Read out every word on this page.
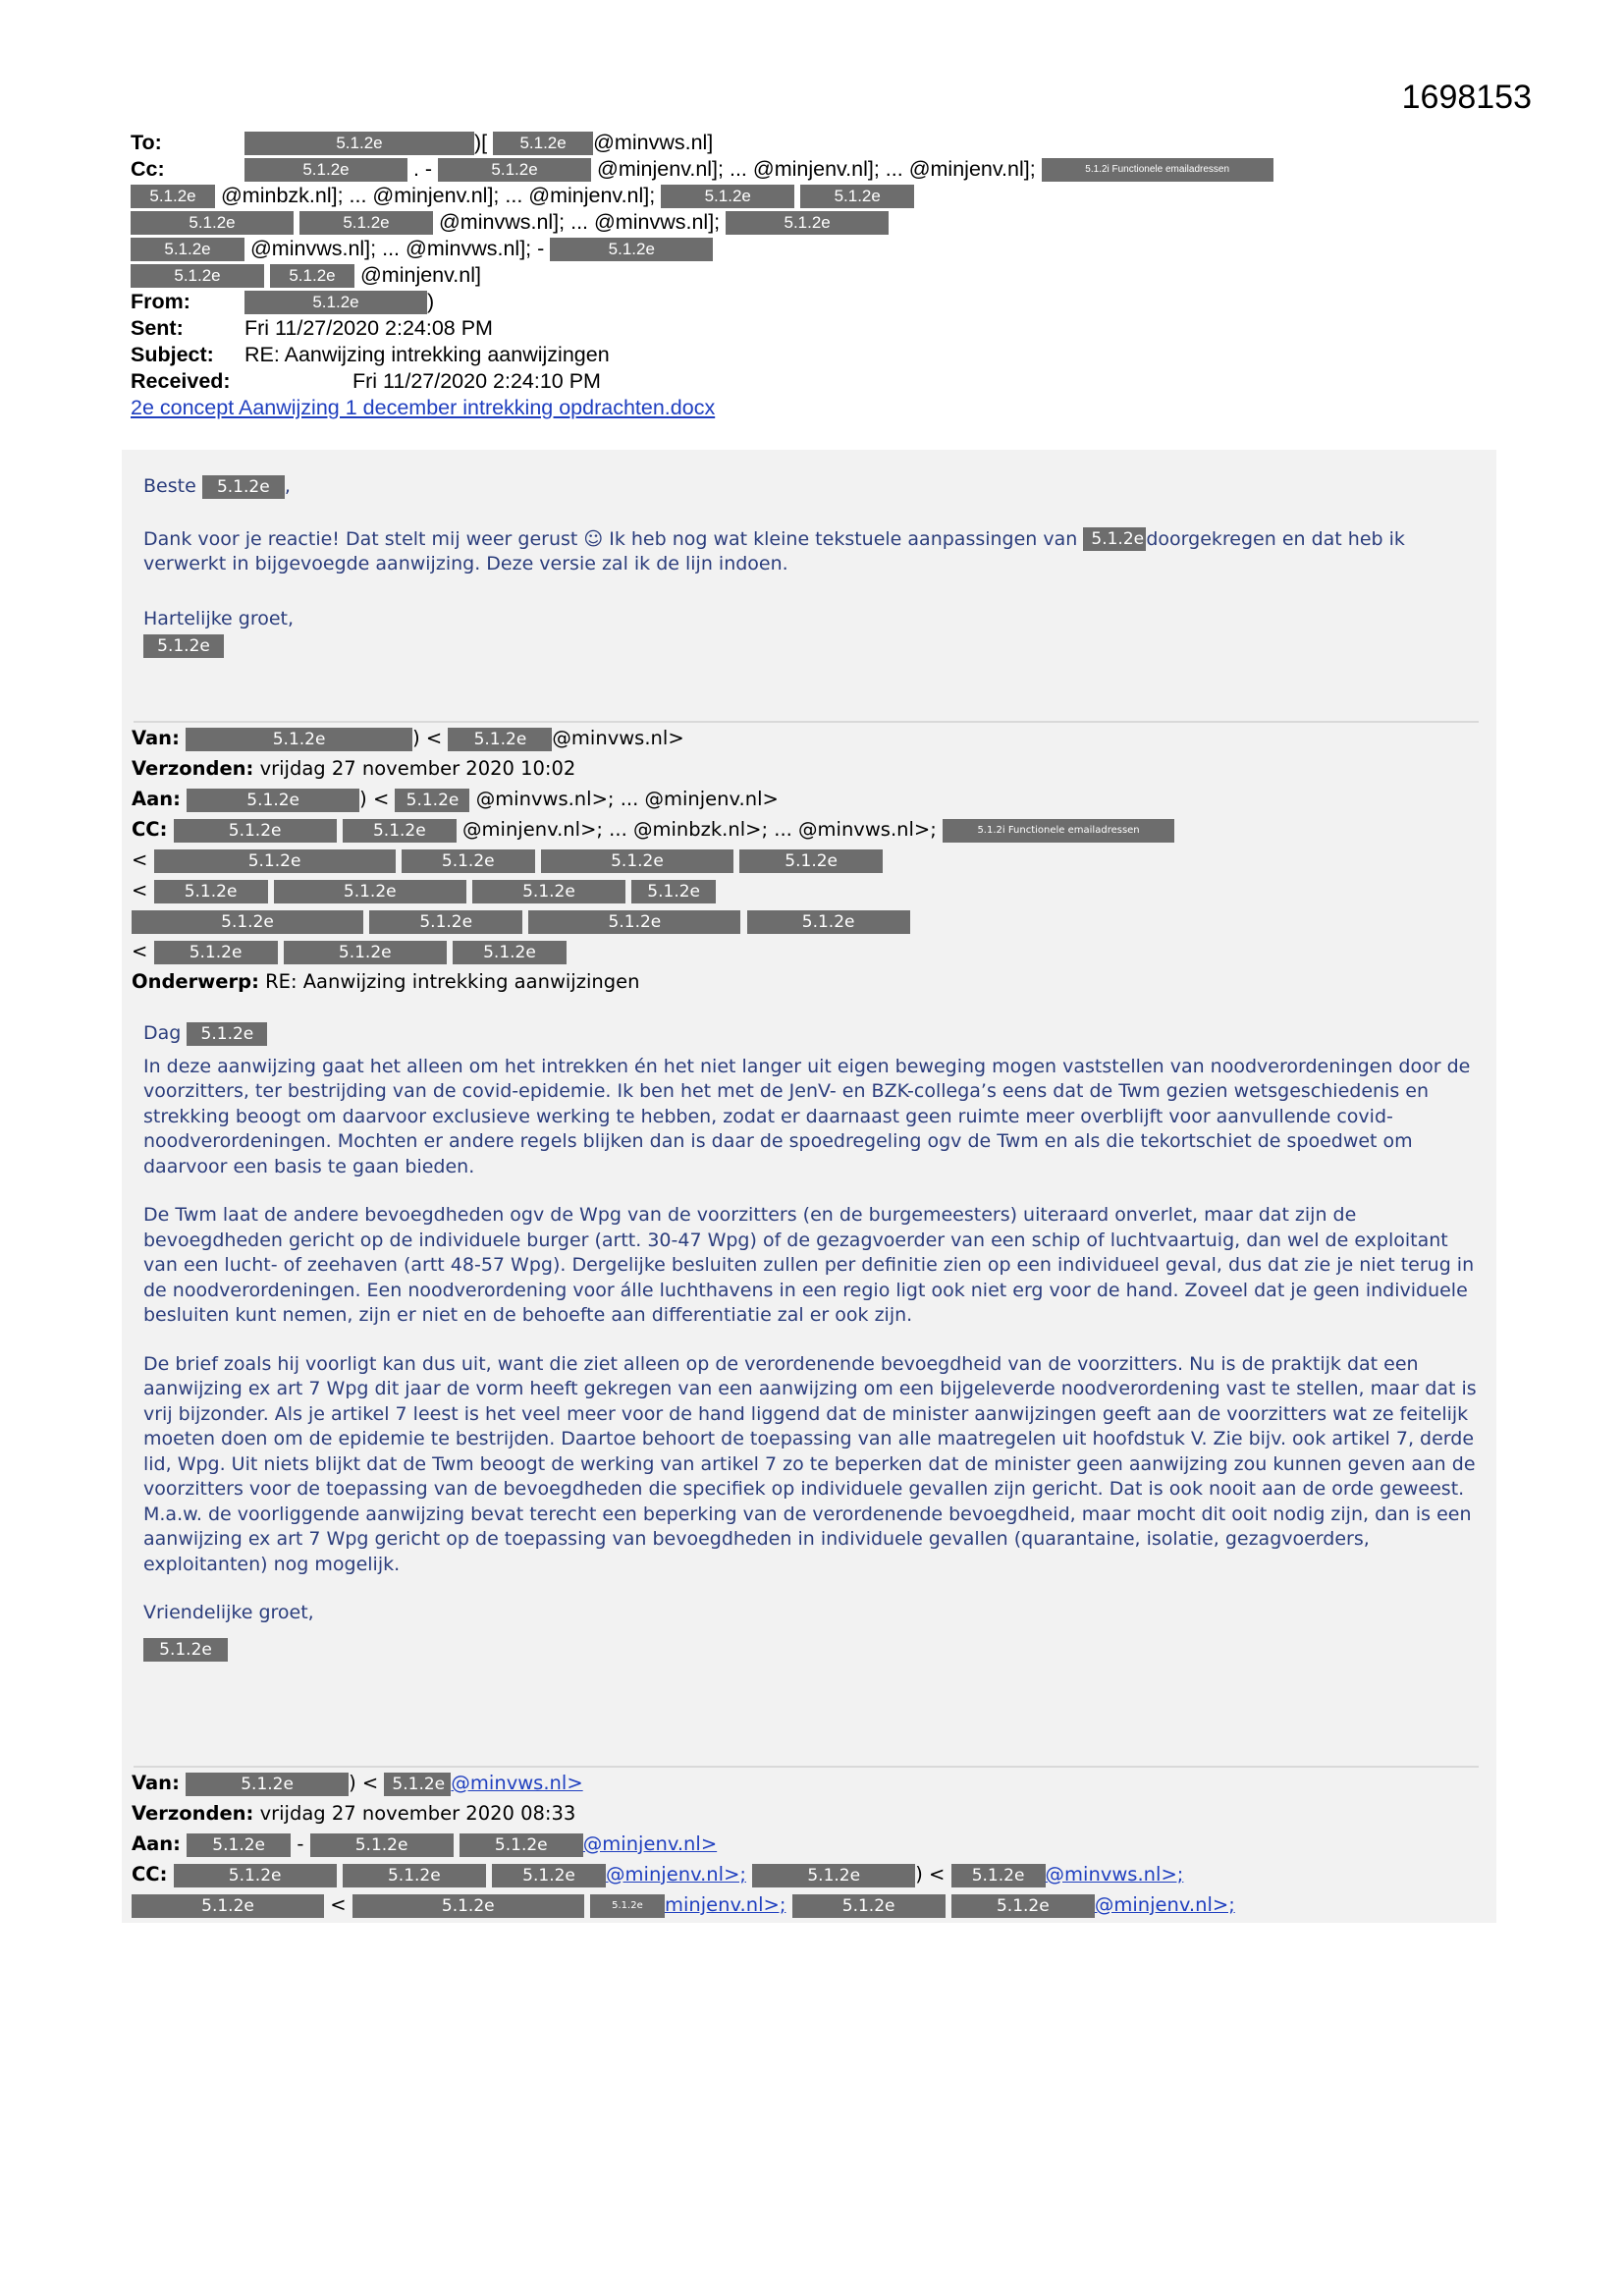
1698153
To:	5.1.2e	)[ 5.1.2e @minvws.nl]
Cc:	5.1.2e	. -	5.1.2e	@minjenv.nl]; ... @minjenv.nl]; ... @minjenv.nl];	5.1.2i Functionele emailadressen
5.1.2e @minbzk.nl]; ... @minjenv.nl]; ... @minjenv.nl];	5.1.2e	5.1.2e
5.1.2e	5.1.2e @minvws.nl]; ... @minvws.nl];	5.1.2e
5.1.2e @minvws.nl]; ... @minvws.nl]; -	5.1.2e
5.1.2e	5.1.2e @minjenv.nl]
From:	5.1.2e	)
Sent:	Fri 11/27/2020 2:24:08 PM
Subject: RE: Aanwijzing intrekking aanwijzingen
Received:	Fri 11/27/2020 2:24:10 PM
2e concept Aanwijzing 1 december intrekking opdrachten.docx

Beste 5.1.2e ,

Dank voor je reactie! Dat stelt mij weer gerust ☺ Ik heb nog wat kleine tekstuele aanpassingen van 5.1.2e doorgekregen en dat heb ik verwerkt in bijgevoegde aanwijzing. Deze versie zal ik de lijn indoen.

Hartelijke groet,

5.1.2e

Van:	5.1.2e	) < 5.1.2e @minvws.nl>
Verzonden: vrijdag 27 november 2020 10:02
Aan:	5.1.2e	) < 5.1.2e @minvws.nl>; ... @minjenv.nl>
CC:	5.1.2e	5.1.2e @minjenv.nl>; ... @minbzk.nl>; ... @minvws.nl>;	5.1.2i Functionele emailadressen
<	5.1.2e	5.1.2e	5.1.2e	5.1.2e
< 5.1.2e	5.1.2e	5.1.2e	5.1.2e
5.1.2e	5.1.2e	5.1.2e	5.1.2e
< 5.1.2e	5.1.2e	5.1.2e
Onderwerp: RE: Aanwijzing intrekking aanwijzingen

Dag 5.1.2e

In deze aanwijzing gaat het alleen om het intrekken én het niet langer uit eigen beweging mogen vaststellen van noodverordeningen door de voorzitters, ter bestrijding van de covid-epidemie. Ik ben het met de JenV- en BZK-collega’s eens dat de Twm gezien wetsgeschiedenis en strekking beoogt om daarvoor exclusieve werking te hebben, zodat er daarnaast geen ruimte meer overblijft voor aanvullende covid-noodverordeningen. Mochten er andere regels blijken dan is daar de spoedregeling ogv de Twm en als die tekortschiet de spoedwet om daarvoor een basis te gaan bieden.

De Twm laat de andere bevoegdheden ogv de Wpg van de voorzitters (en de burgemeesters) uiteraard onverlet, maar dat zijn de bevoegdheden gericht op de individuele burger (artt. 30-47 Wpg) of de gezagvoerder van een schip of luchtvaartuig, dan wel de exploitant van een lucht- of zeehaven (artt 48-57 Wpg). Dergelijke besluiten zullen per definitie zien op een individueel geval, dus dat zie je niet terug in de noodverordeningen. Een noodverordening voor álle luchthavens in een regio ligt ook niet erg voor de hand. Zoveel dat je geen individuele besluiten kunt nemen, zijn er niet en de behoefte aan differentiatie zal er ook zijn.

De brief zoals hij voorligt kan dus uit, want die ziet alleen op de verordenende bevoegdheid van de voorzitters. Nu is de praktijk dat een aanwijzing ex art 7 Wpg dit jaar de vorm heeft gekregen van een aanwijzing om een bijgeleverde noodverordening vast te stellen, maar dat is vrij bijzonder. Als je artikel 7 leest is het veel meer voor de hand liggend dat de minister aanwijzingen geeft aan de voorzitters wat ze feitelijk moeten doen om de epidemie te bestrijden. Daartoe behoort de toepassing van alle maatregelen uit hoofdstuk V. Zie bijv. ook artikel 7, derde lid, Wpg. Uit niets blijkt dat de Twm beoogt de werking van artikel 7 zo te beperken dat de minister geen aanwijzing zou kunnen geven aan de voorzitters voor de toepassing van de bevoegdheden die specifiek op individuele gevallen zijn gericht. Dat is ook nooit aan de orde geweest. M.a.w. de voorliggende aanwijzing bevat terecht een beperking van de verordenende bevoegdheid, maar mocht dit ooit nodig zijn, dan is een aanwijzing ex art 7 Wpg gericht op de toepassing van bevoegdheden in individuele gevallen (quarantaine, isolatie, gezagvoerders, exploitanten) nog mogelijk.

Vriendelijke groet,

5.1.2e

Van:	5.1.2e	) < 5.1.2e @minvws.nl>
Verzonden: vrijdag 27 november 2020 08:33
Aan: 5.1.2e -	5.1.2e	5.1.2e @minjenv.nl>
CC:	5.1.2e	5.1.2e	5.1.2e @minjenv.nl>;	5.1.2e	) < 5.1.2e @minvws.nl>;
5.1.2e	<	5.1.2e	5.1.2e minjenv.nl>;	5.1.2e	5.1.2e @minjenv.nl>;
